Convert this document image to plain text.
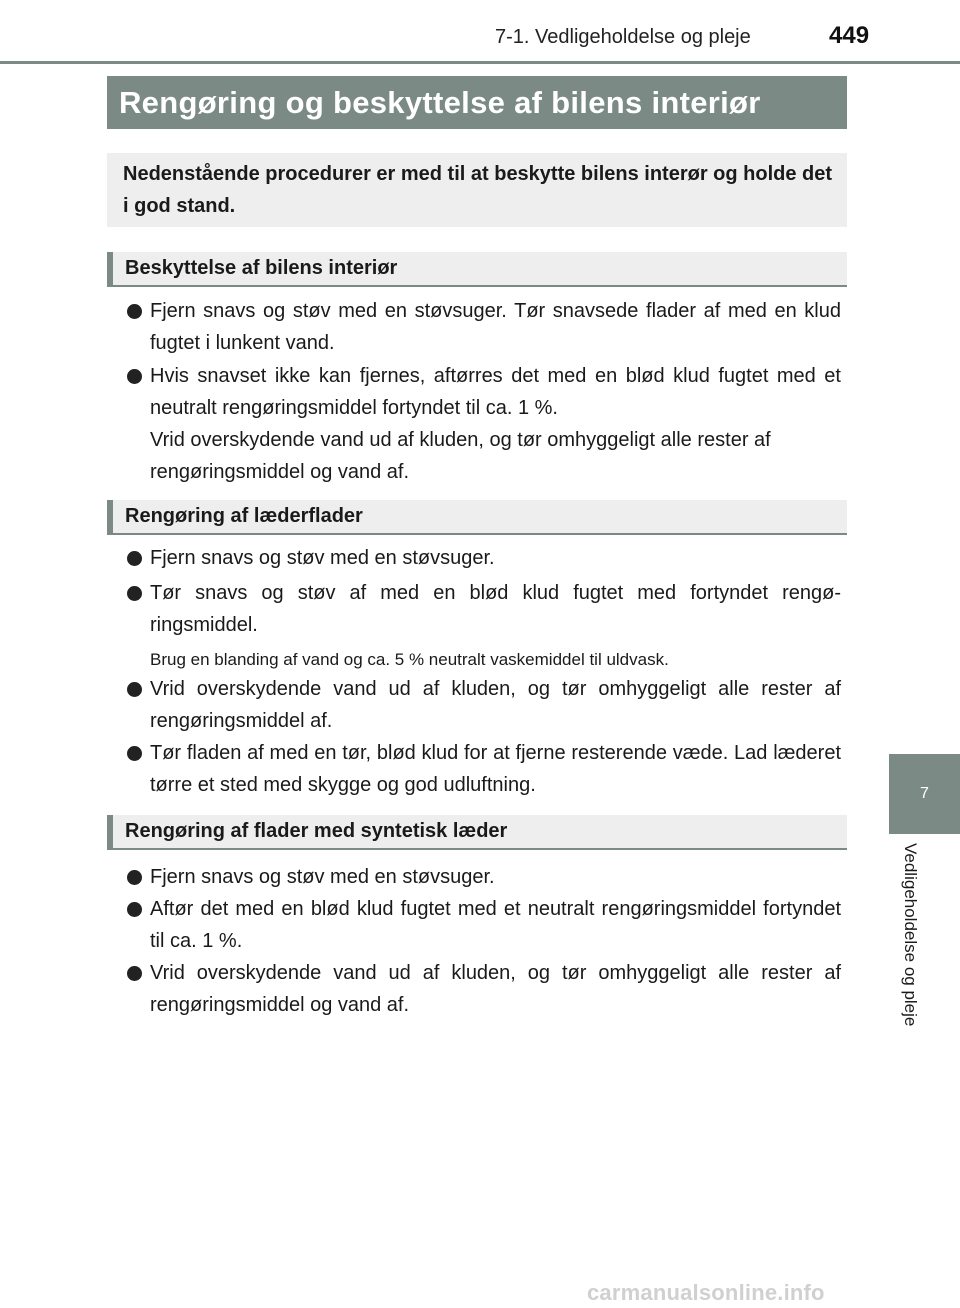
7-1. Vedligeholdelse og pleje	449
Rengøring og beskyttelse af bilens interiør
Nedenstående procedurer er med til at beskytte bilens interør og holde det i god stand.
Beskyttelse af bilens interiør
Fjern snavs og støv med en støvsuger. Tør snavsede flader af med en klud fugtet i lunkent vand.
Hvis snavset ikke kan fjernes, aftørres det med en blød klud fugtet med et neutralt rengøringsmiddel fortyndet til ca. 1 %.
Vrid overskydende vand ud af kluden, og tør omhyggeligt alle rester af rengøringsmiddel og vand af.
Rengøring af læderflader
Fjern snavs og støv med en støvsuger.
Tør snavs og støv af med en blød klud fugtet med fortyndet rengø-ringsmiddel.
Brug en blanding af vand og ca. 5 % neutralt vaskemiddel til uldvask.
Vrid overskydende vand ud af kluden, og tør omhyggeligt alle rester af rengøringsmiddel af.
Tør fladen af med en tør, blød klud for at fjerne resterende væde. Lad læderet tørre et sted med skygge og god udluftning.
Rengøring af flader med syntetisk læder
Fjern snavs og støv med en støvsuger.
Aftør det med en blød klud fugtet med et neutralt rengøringsmiddel fortyndet til ca. 1 %.
Vrid overskydende vand ud af kluden, og tør omhyggeligt alle rester af rengøringsmiddel og vand af.
7
Vedligeholdelse og pleje
carmanualsonline.info
